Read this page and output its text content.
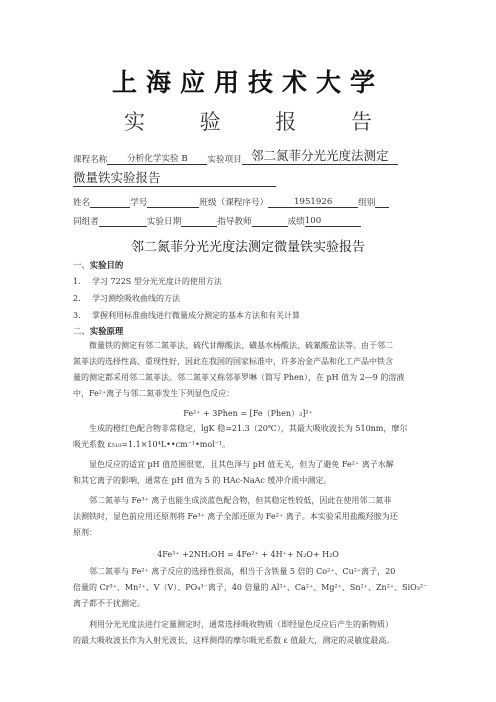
上海应用技术大学
实 验 报 告
课程名称 分析化学实验 B 实验项目 邻二氮菲分光光度法测定
微量铁实验报告
姓名	学号	班级（课程序号）	1951926	组别
同组者	实验日期	指导教师	成绩100
邻二氮菲分光光度法测定微量铁实验报告
一、实验目的
1. 学习 722S 型分光光度计的使用方法
2. 学习测绘吸收曲线的方法
3. 掌握利用标准曲线进行微量成分测定的基本方法和有关计算
二、实验原理
微量铁的测定有邻二氮菲法、硫代甘醇酸法、磺基水杨酸法、硫氰酸盐法等。由于邻二
氮菲法的选择性高、重现性好，因此在我国的国家标准中，许多冶金产品和化工产品中铁含
量的测定都采用邻二氮菲法。邻二氮菲又称邻菲罗啉（简写 Phen），在 pH 值为 2—9 的溶液
中，Fe²⁺离子与邻二氮菲发生下列显色反应：
Fe²⁺ + 3Phen = [Fe（Phen）₃]²⁺
生成的橙红色配合物非常稳定，lgK 稳=21.3（20℃），其最大吸收波长为 510nm，摩尔
吸光系数 ε₅₁₀=1.1×10⁴L••cm⁻¹•mol⁻¹。
显色反应的适宜 pH 值范围很宽，且其色泽与 pH 值无关，但为了避免 Fe²⁺ 离子水解
和其它离子的影响，通常在 pH 值为 5 的 HAc-NaAc 缓冲介质中测定。
邻二氮菲与 Fe³⁺ 离子也能生成淡蓝色配合物，但其稳定性较低，因此在使用邻二氮菲
法测铁时，显色前应用还原剂将 Fe³⁺ 离子全部还原为 Fe²⁺ 离子。本实验采用盐酸羟胺为还
原剂：
4Fe³⁺ +2NH₂OH = 4Fe²⁺ + 4H⁺+ N₂O+ H₂O
邻二氮菲与 Fe²⁺ 离子反应的选择性很高，相当于含铁量 5 倍的 Co²⁺、Cu²⁺离子，20
倍量的 Cr³⁺、Mn²⁺、V（V）、PO₄³⁻离子，40 倍量的 Al³⁺、Ca²⁺、Mg²⁺、Sn²⁺、Zn²⁺、SiO₃²⁻
离子都不干扰测定。
利用分光光度法进行定量测定时，通常选择吸收物质（即经显色反应后产生的新物质）
的最大吸收波长作为入射光波长，这样测得的摩尔吸光系数 ε 值最大，测定的灵敏度最高。
